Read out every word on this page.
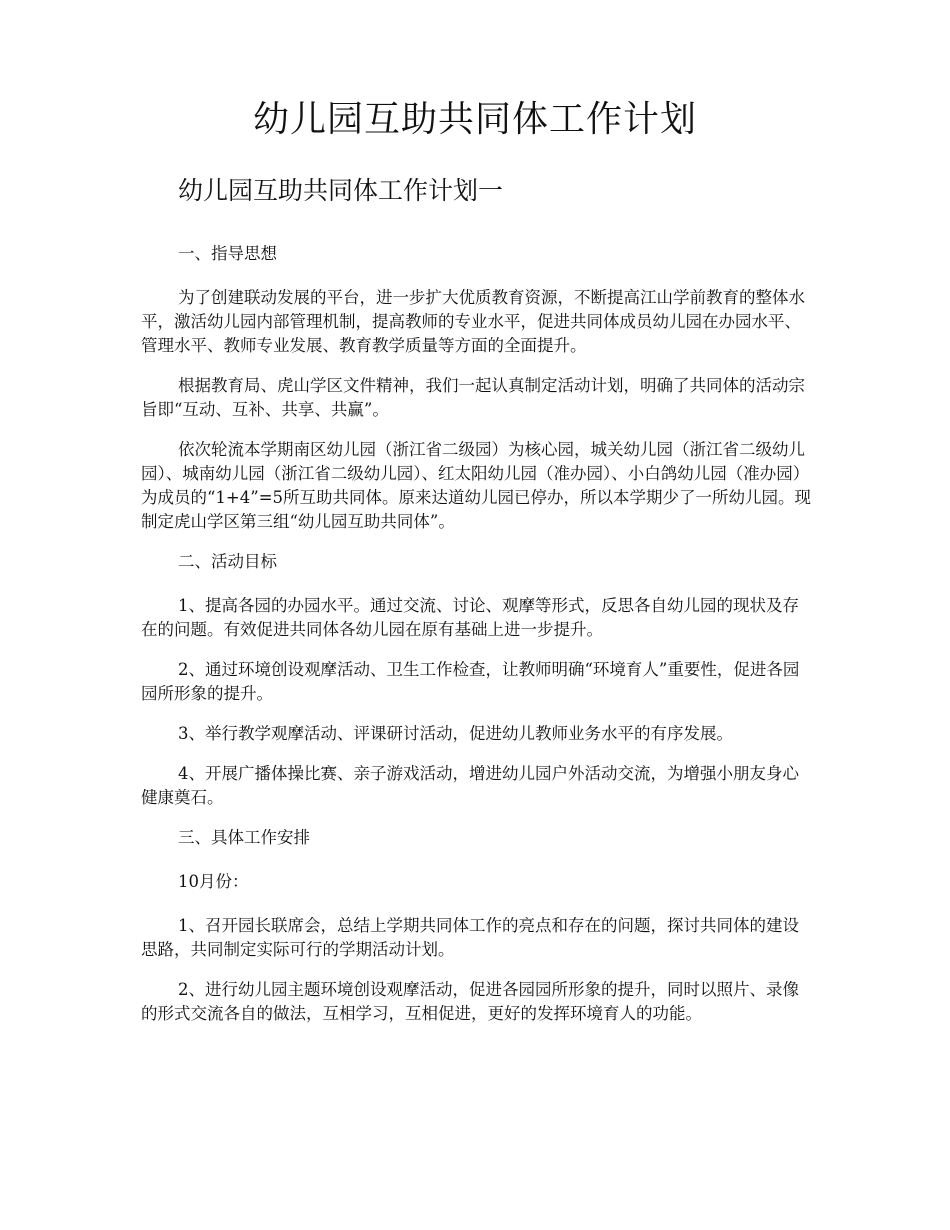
幼儿园互助共同体工作计划
幼儿园互助共同体工作计划一

一、指导思想

为了创建联动发展的平台，进一步扩大优质教育资源，不断提高江山学前教育的整体水平，激活幼儿园内部管理机制，提高教师的专业水平，促进共同体成员幼儿园在办园水平、管理水平、教师专业发展、教育教学质量等方面的全面提升。

根据教育局、虎山学区文件精神，我们一起认真制定活动计划，明确了共同体的活动宗旨即“互动、互补、共享、共赢”。

依次轮流本学期南区幼儿园（浙江省二级园）为核心园，城关幼儿园（浙江省二级幼儿园）、城南幼儿园（浙江省二级幼儿园）、红太阳幼儿园（准办园）、小白鸽幼儿园（准办园）为成员的“1+4”=5所互助共同体。原来达道幼儿园已停办，所以本学期少了一所幼儿园。现制定虎山学区第三组“幼儿园互助共同体”。

二、活动目标

1、提高各园的办园水平。通过交流、讨论、观摩等形式，反思各自幼儿园的现状及存在的问题。有效促进共同体各幼儿园在原有基础上进一步提升。

2、通过环境创设观摩活动、卫生工作检查，让教师明确“环境育人”重要性，促进各园园所形象的提升。

3、举行教学观摩活动、评课研讨活动，促进幼儿教师业务水平的有序发展。

4、开展广播体操比赛、亲子游戏活动，增进幼儿园户外活动交流，为增强小朋友身心健康奠石。

三、具体工作安排

10月份：

1、召开园长联席会，总结上学期共同体工作的亮点和存在的问题，探讨共同体的建设思路，共同制定实际可行的学期活动计划。

2、进行幼儿园主题环境创设观摩活动，促进各园园所形象的提升，同时以照片、录像的形式交流各自的做法，互相学习，互相促进，更好的发挥环境育人的功能。
